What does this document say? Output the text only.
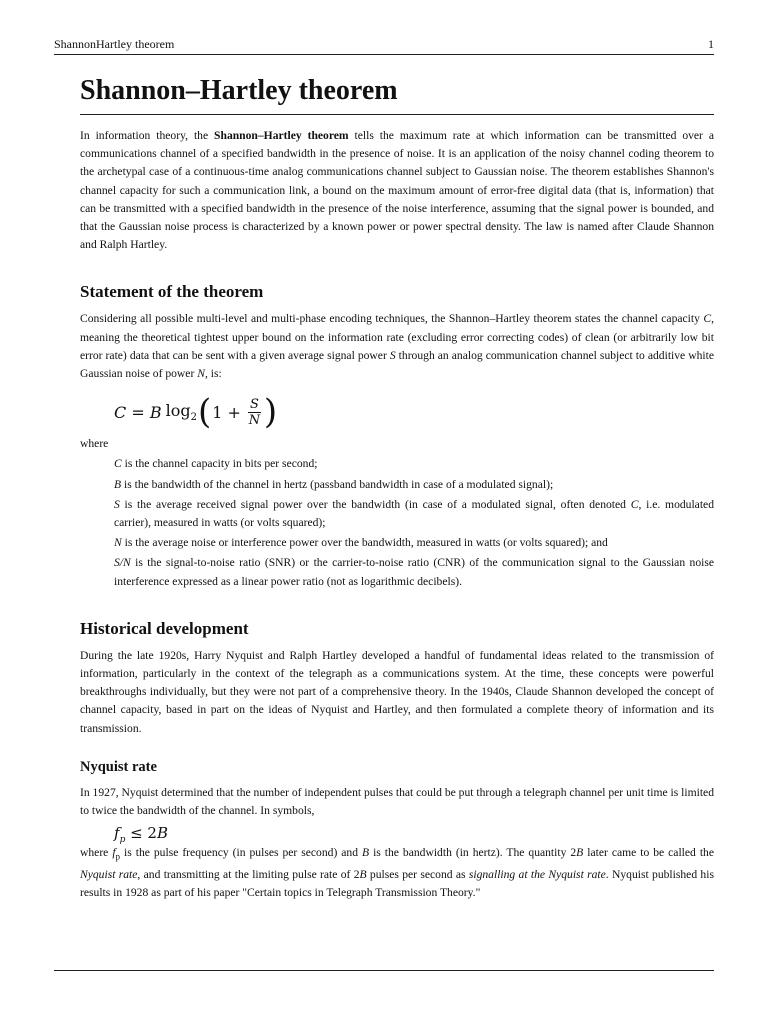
ShannonHartley theorem	1
Shannon–Hartley theorem

In information theory, the Shannon–Hartley theorem tells the maximum rate at which information can be transmitted over a communications channel of a specified bandwidth in the presence of noise. It is an application of the noisy channel coding theorem to the archetypal case of a continuous-time analog communications channel subject to Gaussian noise. The theorem establishes Shannon's channel capacity for such a communication link, a bound on the maximum amount of error-free digital data (that is, information) that can be transmitted with a specified bandwidth in the presence of the noise interference, assuming that the signal power is bounded, and that the Gaussian noise process is characterized by a known power or power spectral density. The law is named after Claude Shannon and Ralph Hartley.

Statement of the theorem

Considering all possible multi-level and multi-phase encoding techniques, the Shannon–Hartley theorem states the channel capacity C, meaning the theoretical tightest upper bound on the information rate (excluding error correcting codes) of clean (or arbitrarily low bit error rate) data that can be sent with a given average signal power S through an analog communication channel subject to additive white Gaussian noise of power N, is:

C = B $\log_2$ ( $1 + \frac{S}{N}$ )

where

C is the channel capacity in bits per second;

B is the bandwidth of the channel in hertz (passband bandwidth in case of a modulated signal);

S is the average received signal power over the bandwidth (in case of a modulated signal, often denoted C, i.e. modulated carrier), measured in watts (or volts squared);

N is the average noise or interference power over the bandwidth, measured in watts (or volts squared); and

S/N is the signal-to-noise ratio (SNR) or the carrier-to-noise ratio (CNR) of the communication signal to the Gaussian noise interference expressed as a linear power ratio (not as logarithmic decibels).

Historical development

During the late 1920s, Harry Nyquist and Ralph Hartley developed a handful of fundamental ideas related to the transmission of information, particularly in the context of the telegraph as a communications system. At the time, these concepts were powerful breakthroughs individually, but they were not part of a comprehensive theory. In the 1940s, Claude Shannon developed the concept of channel capacity, based in part on the ideas of Nyquist and Hartley, and then formulated a complete theory of information and its transmission.

Nyquist rate

In 1927, Nyquist determined that the number of independent pulses that could be put through a telegraph channel per unit time is limited to twice the bandwidth of the channel. In symbols,

$f_p \le 2B$

where $f_p$ is the pulse frequency (in pulses per second) and B is the bandwidth (in hertz). The quantity 2B later came to be called the Nyquist rate, and transmitting at the limiting pulse rate of 2B pulses per second as signalling at the Nyquist rate. Nyquist published his results in 1928 as part of his paper "Certain topics in Telegraph Transmission Theory."
